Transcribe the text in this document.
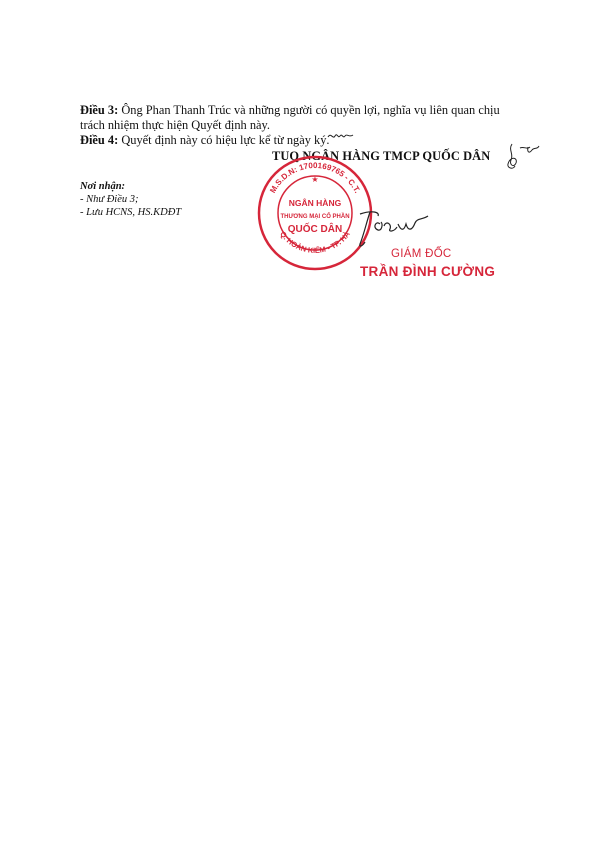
Điều 3: Ông Phan Thanh Trúc và những người có quyền lợi, nghĩa vụ liên quan chịu
trách nhiệm thực hiện Quyết định này.
Điều 4: Quyết định này có hiệu lực kể từ ngày ký.
TUQ.NGÂN HÀNG TMCP QUỐC DÂN
Nơi nhận:
- Như Điều 3;
- Lưu HCNS, HS.KDĐT
M.S.D.N: 1700169765 - C.T.
Q. HOÀN KIẾM - TP. HÀ
★
NGÂN HÀNG
THƯƠNG MẠI CỔ PHẦN
QUỐC DÂN
GIÁM ĐỐC
TRẦN ĐÌNH CƯỜNG
